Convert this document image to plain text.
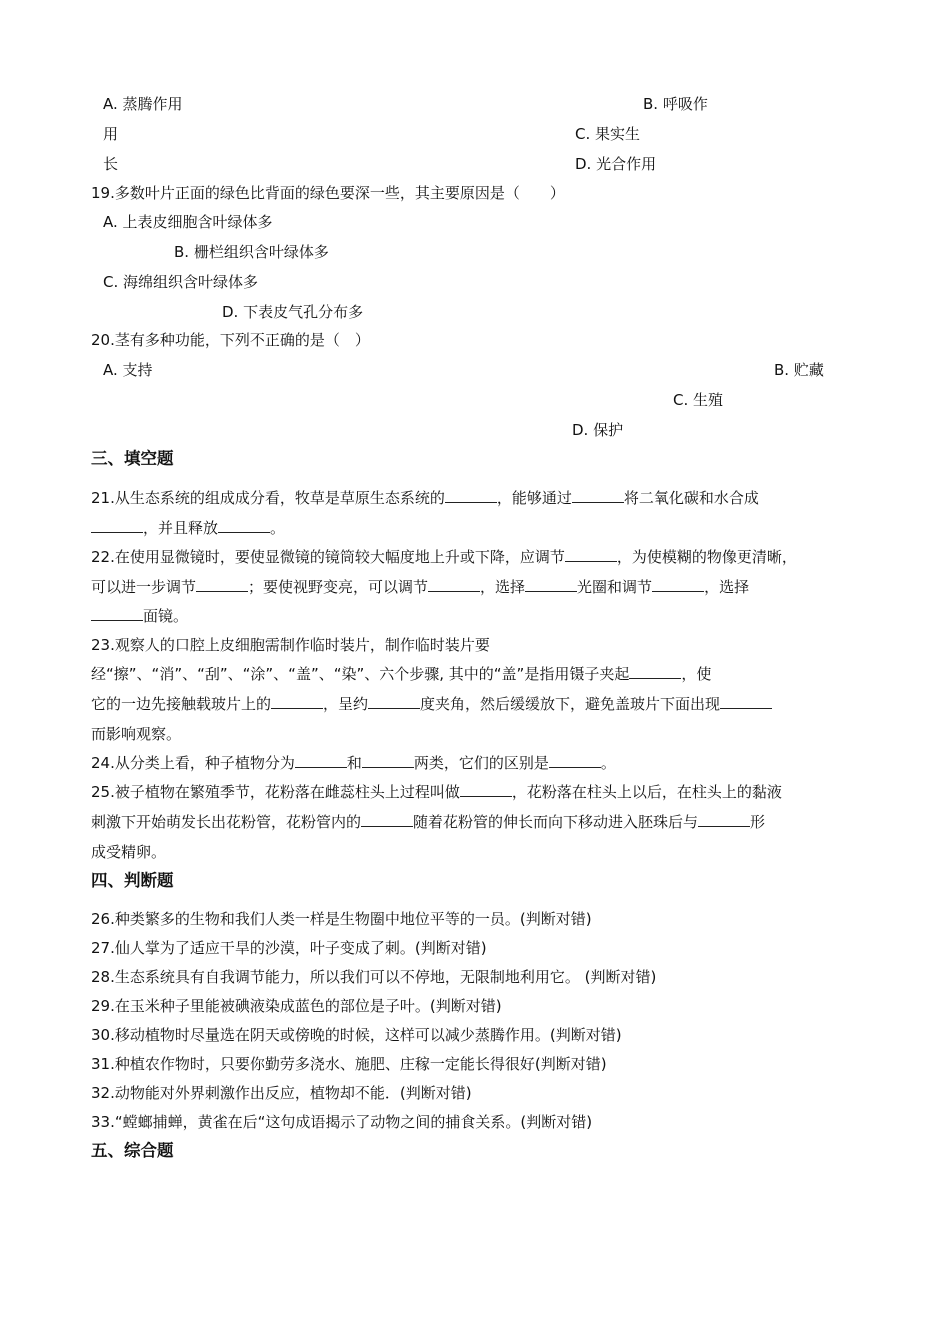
A. 蒸腾作用	B. 呼吸作
用	C. 果实生
长	D. 光合作用
19.多数叶片正面的绿色比背面的绿色要深一些，其主要原因是（　　）
A. 上表皮细胞含叶绿体多
B. 栅栏组织含叶绿体多
C. 海绵组织含叶绿体多
D. 下表皮气孔分布多
20.茎有多种功能，下列不正确的是（　）
A. 支持	B. 贮藏
C. 生殖
D. 保护
三、填空题
21.从生态系统的组成成分看，牧草是草原生态系统的	，能够通过	将二氧化碳和水合成
，并且释放	。
22.在使用显微镜时，要使显微镜的镜筒较大幅度地上升或下降，应调节	，为使模糊的物像更清晰，
可以进一步调节	；要使视野变亮，可以调节	，选择	光圈和调节	，选择
面镜。
23.观察人的口腔上皮细胞需制作临时装片，制作临时装片要
经“擦”、“消”、“刮”、“涂”、“盖”、“染”、六个步骤, 其中的“盖”是指用镊子夹起	，使
它的一边先接触载玻片上的	，呈约	度夹角，然后缓缓放下，避免盖玻片下面出现
而影响观察。
24.从分类上看，种子植物分为	和	两类，它们的区别是	。
25.被子植物在繁殖季节，花粉落在雌蕊柱头上过程叫做	，花粉落在柱头上以后，在柱头上的黏液
刺激下开始萌发长出花粉管，花粉管内的	随着花粉管的伸长而向下移动进入胚珠后与	形
成受精卵。
四、判断题
26.种类繁多的生物和我们人类一样是生物圈中地位平等的一员。(判断对错)
27.仙人掌为了适应干旱的沙漠，叶子变成了刺。(判断对错)
28.生态系统具有自我调节能力，所以我们可以不停地，无限制地利用它。 (判断对错)
29.在玉米种子里能被碘液染成蓝色的部位是子叶。(判断对错)
30.移动植物时尽量选在阴天或傍晚的时候，这样可以减少蒸腾作用。(判断对错)
31.种植农作物时，只要你勤劳多浇水、施肥、庄稼一定能长得很好(判断对错)
32.动物能对外界刺激作出反应，植物却不能．(判断对错)
33.“螳螂捕蝉，黄雀在后“这句成语揭示了动物之间的捕食关系。(判断对错)
五、综合题
